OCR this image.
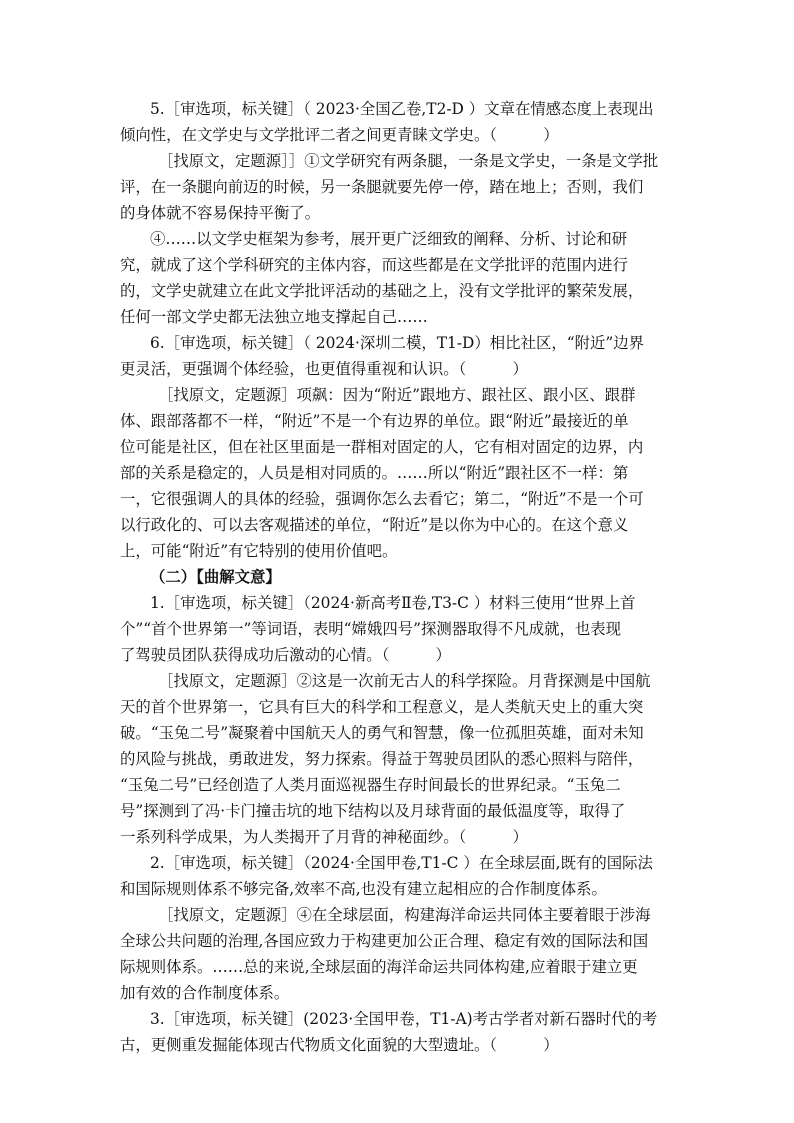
5.［审选项，标关键］（ 2023·全国乙卷,T2-D ）文章在情感态度上表现出

倾向性，在文学史与文学批评二者之间更青睐文学史。（　　　）

［找原文，定题源］］①文学研究有两条腿，一条是文学史，一条是文学批

评，在一条腿向前迈的时候，另一条腿就要先停一停，踏在地上；否则，我们

的身体就不容易保持平衡了。

④……以文学史框架为参考，展开更广泛细致的阐释、分析、讨论和研

究，就成了这个学科研究的主体内容，而这些都是在文学批评的范围内进行

的，文学史就建立在此文学批评活动的基础之上，没有文学批评的繁荣发展，

任何一部文学史都无法独立地支撑起自己……

6.［审选项，标关键］（ 2024·深圳二模，T1-D）相比社区，“附近”边界

更灵活，更强调个体经验，也更值得重视和认识。（　　　）

［找原文，定题源］项飙：因为“附近”跟地方、跟社区、跟小区、跟群

体、跟部落都不一样，“附近”不是一个有边界的单位。跟“附近”最接近的单

位可能是社区，但在社区里面是一群相对固定的人，它有相对固定的边界，内

部的关系是稳定的，人员是相对同质的。……所以“附近”跟社区不一样：第

一，它很强调人的具体的经验，强调你怎么去看它；第二，“附近”不是一个可

以行政化的、可以去客观描述的单位，“附近”是以你为中心的。在这个意义

上，可能“附近”有它特别的使用价值吧。

（二）【曲解文意】

1.［审选项，标关键］（2024·新高考Ⅱ卷,T3-C ）材料三使用“世界上首

个”“首个世界第一”等词语，表明“嫦娥四号”探测器取得不凡成就，也表现

了驾驶员团队获得成功后激动的心情。（　　　）

［找原文，定题源］②这是一次前无古人的科学探险。月背探测是中国航

天的首个世界第一，它具有巨大的科学和工程意义，是人类航天史上的重大突

破。“玉兔二号”凝聚着中国航天人的勇气和智慧，像一位孤胆英雄，面对未知

的风险与挑战，勇敢进发，努力探索。得益于驾驶员团队的悉心照料与陪伴，

“玉兔二号”已经创造了人类月面巡视器生存时间最长的世界纪录。“玉兔二

号”探测到了冯·卡门撞击坑的地下结构以及月球背面的最低温度等，取得了

一系列科学成果，为人类揭开了月背的神秘面纱。（　　　）

2.［审选项，标关键］（2024·全国甲卷,T1-C ）在全球层面,既有的国际法

和国际规则体系不够完备,效率不高,也没有建立起相应的合作制度体系。

［找原文，定题源］④在全球层面，构建海洋命运共同体主要着眼于涉海

全球公共问题的治理,各国应致力于构建更加公正合理、稳定有效的国际法和国

际规则体系。……总的来说,全球层面的海洋命运共同体构建,应着眼于建立更

加有效的合作制度体系。

3.［审选项，标关键］(2023·全国甲卷，T1-A)考古学者对新石器时代的考

古，更侧重发掘能体现古代物质文化面貌的大型遗址。（　　　）
